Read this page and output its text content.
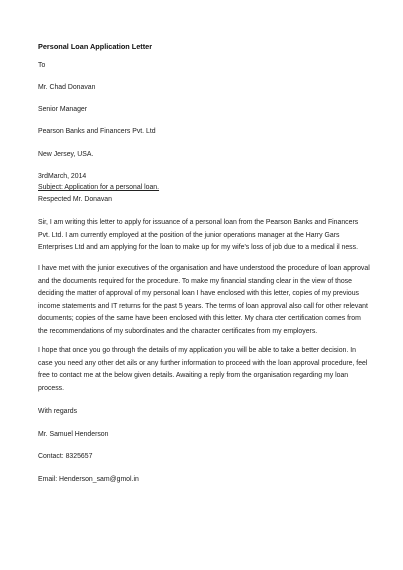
Personal Loan Application Letter
To
Mr. Chad Donavan
Senior Manager
Pearson Banks and Financers Pvt. Ltd
New Jersey, USA.
3rdMarch, 2014
Subject: Application for a personal loan.
Respected Mr. Donavan
Sir, I am writing this letter to apply for issuance of a personal loan from the Pearson Banks and Financers
Pvt. Ltd. I am currently employed at the position of the junior operations manager at the Harry Gars
Enterprises Ltd and am applying for the loan to make up for my wife's loss of job due to a medical il ness.
I have met with the junior executives of the organisation and have understood the procedure of loan approval
and the documents required for the procedure. To make my financial standing clear in the view of those
deciding the matter of approval of my personal loan I have enclosed with this letter, copies of my previous
income statements and IT returns for the past 5 years. The terms of loan approval also call for other relevant
documents; copies of the same have been enclosed with this letter. My chara cter certification comes from
the recommendations of my subordinates and the character certificates from my employers.
I hope that once you go through the details of my application you will be able to take a better decision. In
case you need any other det ails or any further information to proceed with the loan approval procedure, feel
free to contact me at the below given details. Awaiting a reply from the organisation regarding my loan
process.
With regards
Mr. Samuel Henderson
Contact: 8325657
Email: Henderson_sam@gmol.in
